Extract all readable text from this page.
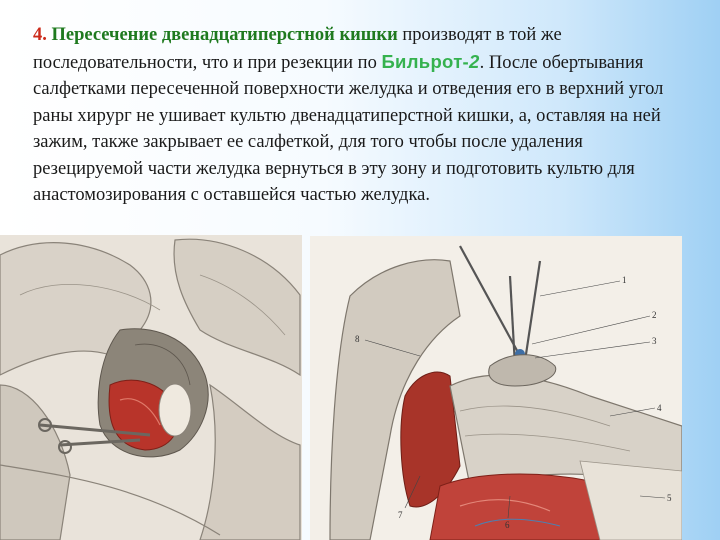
4. Пересечение двенадцатиперстной кишки производят в той же последовательности, что и при резекции по Бильрот-2. После обертывания салфетками пересеченной поверхности желудка и отведения его в верхний угол раны хирург не ушивает культю двенадцатиперстной кишки, а, оставляя на ней зажим, также закрывает ее салфеткой, для того чтобы после удаления резецируемой части желудка вернуться в эту зону и подготовить культю для анастомозирования с оставшейся частью желудка.

1
2
3
4
5
6
7
8
